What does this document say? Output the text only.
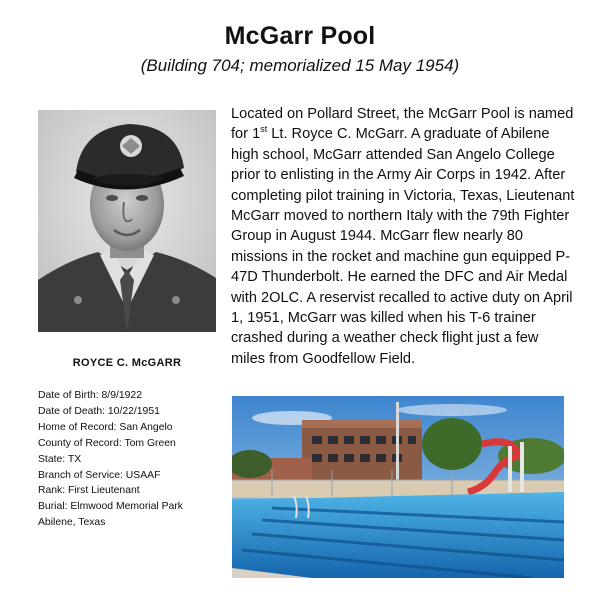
McGarr Pool
(Building 704; memorialized 15 May 1954)
ROYCE C. McGARR
Date of Birth: 8/9/1922
Date of Death: 10/22/1951
Home of Record: San Angelo
County of Record: Tom Green
State: TX
Branch of Service: USAAF
Rank: First Lieutenant
Burial: Elmwood Memorial Park
Abilene, Texas

Located on Pollard Street, the McGarr Pool is named for 1st Lt. Royce C. McGarr. A graduate of Abilene high school, McGarr attended San Angelo College prior to enlisting in the Army Air Corps in 1942. After completing pilot training in Victoria, Texas, Lieutenant McGarr moved to northern Italy with the 79th Fighter Group in August 1944. McGarr flew nearly 80 missions in the rocket and machine gun equipped P-47D Thunderbolt. He earned the DFC and Air Medal with 2OLC. A reservist recalled to active duty on April 1, 1951, McGarr was killed when his T-6 trainer crashed during a weather check flight just a few miles from Goodfellow Field.
